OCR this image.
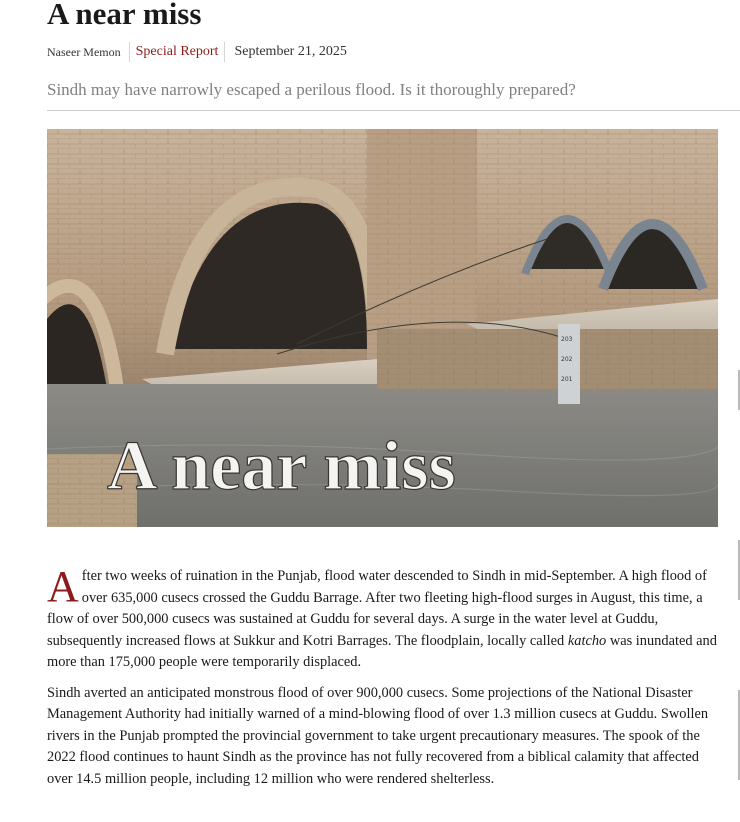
A near miss
Naseer Memon	Special Report	September 21, 2025

Sindh may have narrowly escaped a perilous flood. Is it thoroughly prepared?

203
202
201
A near miss

After two weeks of ruination in the Punjab, flood water descended to Sindh in mid-September. A high flood of over 635,000 cusecs crossed the Guddu Barrage. After two fleeting high-flood surges in August, this time, a flow of over 500,000 cusecs was sustained at Guddu for several days. A surge in the water level at Guddu, subsequently increased flows at Sukkur and Kotri Barrages. The floodplain, locally called katcho was inundated and more than 175,000 people were temporarily displaced.

Sindh averted an anticipated monstrous flood of over 900,000 cusecs. Some projections of the National Disaster Management Authority had initially warned of a mind-blowing flood of over 1.3 million cusecs at Guddu. Swollen rivers in the Punjab prompted the provincial government to take urgent precautionary measures. The spook of the 2022 flood continues to haunt Sindh as the province has not fully recovered from a biblical calamity that affected over 14.5 million people, including 12 million who were rendered shelterless.
